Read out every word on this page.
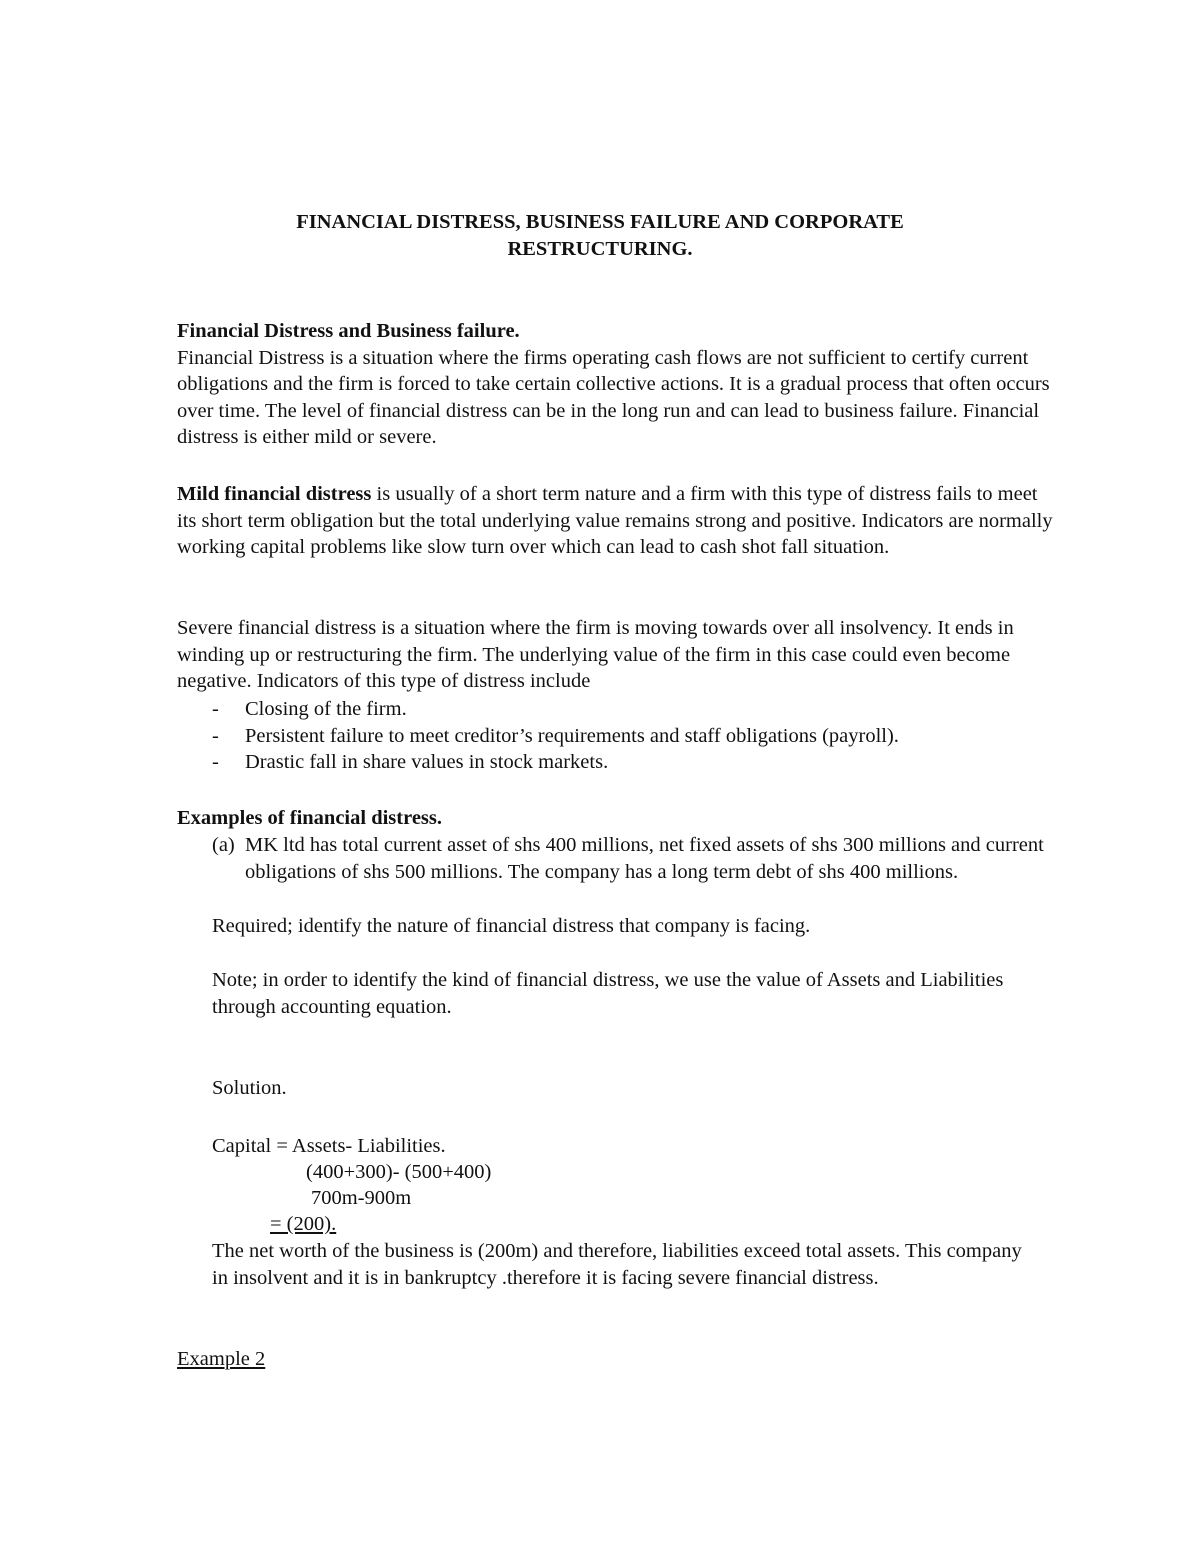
FINANCIAL DISTRESS, BUSINESS FAILURE AND CORPORATE
RESTRUCTURING.

Financial Distress and Business failure.

Financial Distress is a situation where the firms operating cash flows are not sufficient to certify current obligations and the firm is forced to take certain collective actions. It is a gradual process that often occurs over time. The level of financial distress can be in the long run and can lead to business failure. Financial distress is either mild or severe.

Mild financial distress is usually of a short term nature and a firm with this type of distress fails to meet its short term obligation but the total underlying value remains strong and positive. Indicators are normally working capital problems like slow turn over which can lead to cash shot fall situation.

Severe financial distress is a situation where the firm is moving towards over all insolvency. It ends in winding up or restructuring the firm. The underlying value of the firm in this case could even become negative. Indicators of this type of distress include

-	Closing of the firm.
-	Persistent failure to meet creditor’s requirements and staff obligations (payroll).
-	Drastic fall in share values in stock markets.

Examples of financial distress.

(a) MK ltd has total current asset of shs 400 millions, net fixed assets of shs 300 millions and current obligations of shs 500 millions. The company has a long term debt of shs 400 millions.
Required; identify the nature of financial distress that company is facing.
Note; in order to identify the kind of financial distress, we use the value of Assets and Liabilities through accounting equation.
Solution.
Capital = Assets- Liabilities.
(400+300)- (500+400)
700m-900m
= (200).
The net worth of the business is (200m) and therefore, liabilities exceed total assets. This company in insolvent and it is in bankruptcy .therefore it is facing severe financial distress.
Example 2
